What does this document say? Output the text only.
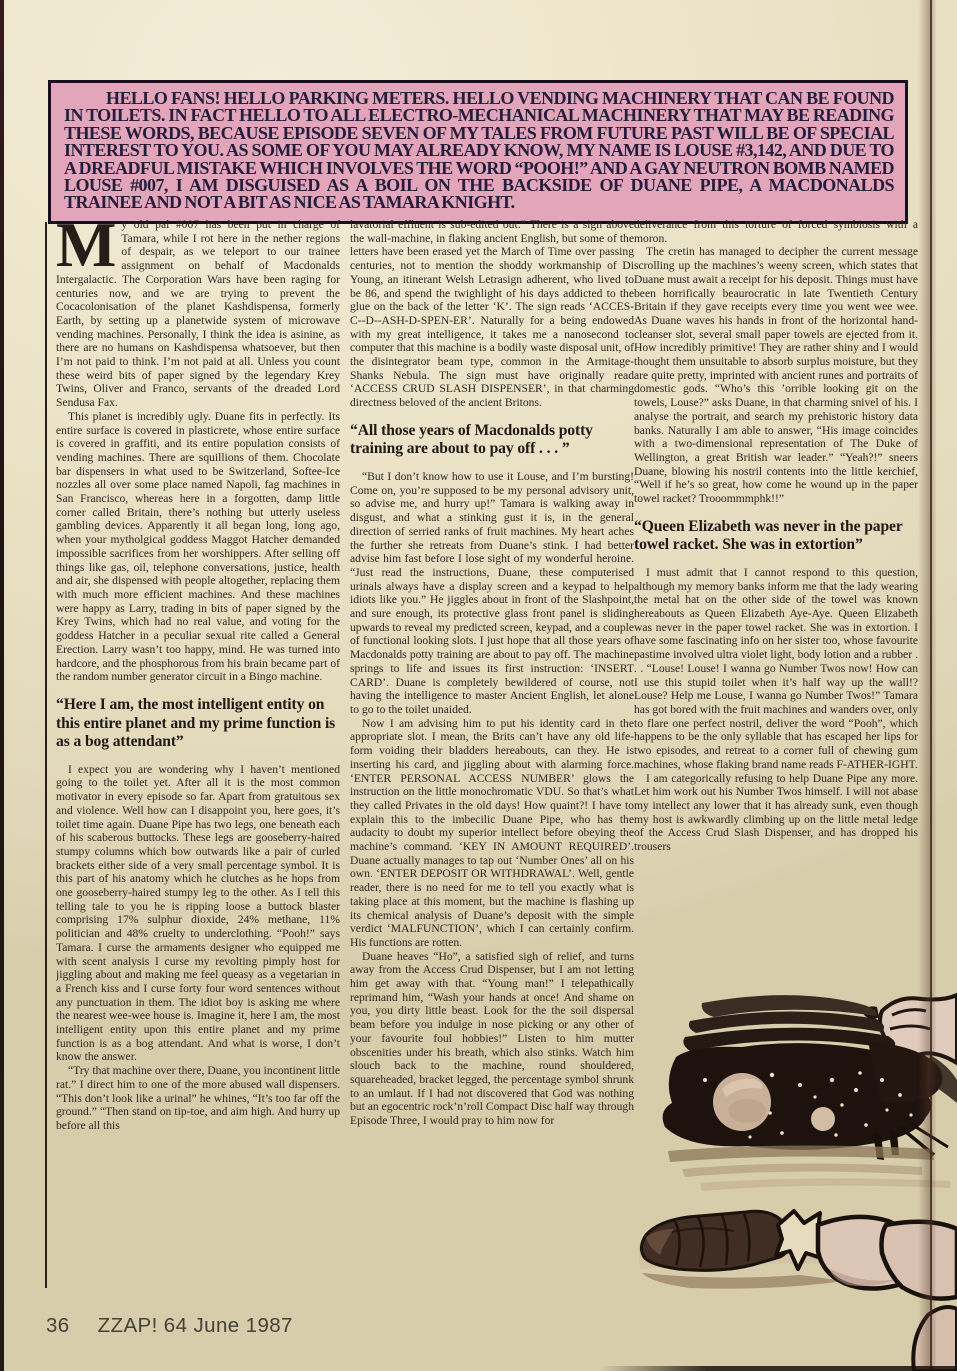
HELLO FANS! HELLO PARKING METERS. HELLO VENDING MACHINERY THAT CAN BE FOUND IN TOILETS. IN FACT HELLO TO ALL ELECTRO-MECHANICAL MACHINERY THAT MAY BE READING THESE WORDS, BECAUSE EPISODE SEVEN OF MY TALES FROM FUTURE PAST WILL BE OF SPECIAL INTEREST TO YOU. AS SOME OF YOU MAY ALREADY KNOW, MY NAME IS LOUSE #3,142, AND DUE TO A DREADFUL MISTAKE WHICH INVOLVES THE WORD “POOH!” AND A GAY NEUTRON BOMB NAMED LOUSE #007, I AM DISGUISED AS A BOIL ON THE BACKSIDE OF DUANE PIPE, A MACDONALDS TRAINEE AND NOT A BIT AS NICE AS TAMARA KNIGHT.

My old pal #007 has been put in charge of Tamara, while I rot here in the nether regions of despair, as we teleport to our trainee assignment on behalf of Macdonalds Intergalactic. The Corporation Wars have been raging for centuries now, and we are trying to prevent the Cocacolonisation of the planet Kashdispensa, formerly Earth, by setting up a planetwide system of microwave vending machines. Personally, I think the idea is asinine, as there are no humans on Kashdispensa whatsoever, but then I’m not paid to think. I’m not paid at all. Unless you count these weird bits of paper signed by the legendary Krey Twins, Oliver and Franco, servants of the dreaded Lord Sendusa Fax.

This planet is incredibly ugly. Duane fits in perfectly. Its entire surface is covered in plasticrete, whose entire surface is covered in graffiti, and its entire population consists of vending machines. There are squillions of them. Chocolate bar dispensers in what used to be Switzerland, Softee-Ice nozzles all over some place named Napoli, fag machines in San Francisco, whereas here in a forgotten, damp little corner called Britain, there’s nothing but utterly useless gambling devices. Apparently it all began long, long ago, when your mytholgical goddess Maggot Hatcher demanded impossible sacrifices from her worshippers. After selling off things like gas, oil, telephone conversations, justice, health and air, she dispensed with people altogether, replacing them with much more efficient machines. And these machines were happy as Larry, trading in bits of paper signed by the Krey Twins, which had no real value, and voting for the goddess Hatcher in a peculiar sexual rite called a General Erection. Larry wasn’t too happy, mind. He was turned into hardcore, and the phosphorous from his brain became part of the random number generator circuit in a Bingo machine.

“Here I am, the most intelligent entity on this entire planet and my prime function is as a bog attendant”

I expect you are wondering why I haven’t mentioned going to the toilet yet. After all it is the most common motivator in every episode so far. Apart from gratuitous sex and violence. Well how can I disappoint you, here goes, it’s toilet time again. Duane Pipe has two legs, one beneath each of his scaberous buttocks. These legs are gooseberry-haired stumpy columns which bow outwards like a pair of curled brackets either side of a very small percentage symbol. It is this part of his anatomy which he clutches as he hops from one gooseberry-haired stumpy leg to the other. As I tell this telling tale to you he is ripping loose a buttock blaster comprising 17% sulphur dioxide, 24% methane, 11% politician and 48% cruelty to underclothing. “Pooh!” says Tamara. I curse the armaments designer who equipped me with scent analysis I curse my revolting pimply host for jiggling about and making me feel queasy as a vegetarian in a French kiss and I curse forty four word sentences without any punctuation in them. The idiot boy is asking me where the nearest wee-wee house is. Imagine it, here I am, the most intelligent entity upon this entire planet and my prime function is as a bog attendant. And what is worse, I don’t know the answer.

“Try that machine over there, Duane, you incontinent little rat.” I direct him to one of the more abused wall dispensers. “This don’t look like a urinal” he whines, “It’s too far off the ground.” “Then stand on tip-toe, and aim high. And hurry up before all this

lavatorial effluent is sub-edited out.” There is a sign above the wall-machine, in flaking ancient English, but some of the letters have been erased yet the March of Time over passing centuries, not to mention the shoddy workmanship of Di Young, an itinerant Welsh Letrasign adherent, who lived to be 86, and spend the twighlight of his days addicted to the glue on the back of the letter ‘K’. The sign reads ‘ACCES-C--D--ASH-D-SPEN-ER’. Naturally for a being endowed with my great intelligence, it takes me a nanosecond to computer that this machine is a bodily waste disposal unit, of the disintegrator beam type, common in the Armitage-Shanks Nebula. The sign must have originally read ‘ACCESS CRUD SLASH DISPENSER’, in that charming directness beloved of the ancient Britons.

“All those years of Macdonalds potty training are about to pay off . . . ”

“But I don’t know how to use it Louse, and I’m bursting! Come on, you’re supposed to be my personal advisory unit, so advise me, and hurry up!” Tamara is walking away in disgust, and what a stinking gust it is, in the general direction of serried ranks of fruit machines. My heart aches the further she retreats from Duane’s stink. I had better advise him fast before I lose sight of my wonderful heroine. “Just read the instructions, Duane, these computerised urinals always have a display screen and a keypad to help idiots like you.” He jiggles about in front of the Slashpoint, and sure enough, its protective glass front panel is sliding upwards to reveal my predicted screen, keypad, and a couple of functional looking slots. I just hope that all those years of Macdonalds potty training are about to pay off. The machine springs to life and issues its first instruction: ‘INSERT CARD’. Duane is completely bewildered of course, not having the intelligence to master Ancient English, let alone to go to the toilet unaided.

Now I am advising him to put his identity card in the appropriate slot. I mean, the Brits can’t have any old life-form voiding their bladders hereabouts, can they. He is inserting his card, and jiggling about with alarming force. ‘ENTER PERSONAL ACCESS NUMBER’ glows the instruction on the little monochromatic VDU. So that’s what they called Privates in the old days! How quaint?! I have to explain this to the imbecilic Duane Pipe, who has the audacity to doubt my superior intellect before obeying the machine’s command. ‘KEY IN AMOUNT REQUIRED’. Duane actually manages to tap out ‘Number Ones’ all on his own. ‘ENTER DEPOSIT OR WITHDRAWAL’. Well, gentle reader, there is no need for me to tell you exactly what is taking place at this moment, but the machine is flashing up its chemical analysis of Duane’s deposit with the simple verdict ‘MALFUNCTION’, which I can certainly confirm. His functions are rotten.

Duane heaves “Ho”, a satisfied sigh of relief, and turns away from the Access Crud Dispenser, but I am not letting him get away with that. “Young man!” I telepathically reprimand him, “Wash your hands at once! And shame on you, you dirty little beast. Look for the the soil dispersal beam before you indulge in nose picking or any other of your favourite foul hobbies!” Listen to him mutter obscenities under his breath, which also stinks. Watch him slouch back to the machine, round shouldered, squareheaded, bracket legged, the percentage symbol shrunk to an umlaut. If I had not discovered that God was nothing but an egocentric rock’n’roll Compact Disc half way through Episode Three, I would pray to him now for

deliverance from this torture of forced symbiosis with a moron.

The cretin has managed to decipher the current message scrolling up the machines’s weeny screen, which states that Duane must await a receipt for his deposit. Things must have been horrifically beaurocratic in late Twentieth Century Britain if they gave receipts every time you went wee wee. As Duane waves his hands in front of the horizontal hand-cleanser slot, several small paper towels are ejected from it. How incredibly primitive! They are rather shiny and I would thought them unsuitable to absorb surplus moisture, but they are quite pretty, imprinted with ancient runes and portraits of domestic gods. “Who’s this ’orrible looking git on the towels, Louse?” asks Duane, in that charming snivel of his. I analyse the portrait, and search my prehistoric history data banks. Naturally I am able to answer, “His image coincides with a two-dimensional representation of The Duke of Wellington, a great British war leader.” “Yeah?!” sneers Duane, blowing his nostril contents into the little kerchief, “Well if he’s so great, how come he wound up in the paper towel racket? Trooommmphk!!”

“Queen Elizabeth was never in the paper towel racket. She was in extortion”

I must admit that I cannot respond to this question, although my memory banks inform me that the lady wearing the metal hat on the other side of the towel was known hereabouts as Queen Elizabeth Aye-Aye. Queen Elizabeth was never in the paper towel racket. She was in extortion. I have some fascinating info on her sister too, whose favourite pastime involved ultra violet light, body lotion and a rubber . . . “Louse! Louse! I wanna go Number Twos now! How can I use this stupid toilet when it’s half way up the wall!? Louse? Help me Louse, I wanna go Number Twos!” Tamara has got bored with the fruit machines and wanders over, only to flare one perfect nostril, deliver the word “Pooh”, which happens to be the only syllable that has escaped her lips for two episodes, and retreat to a corner full of chewing gum machines, whose flaking brand name reads F-ATHER-IGHT.

I am categorically refusing to help Duane Pipe any more. Let him work out his Number Twos himself. I will not abase my intellect any lower that it has already sunk, even though my host is awkwardly climbing up on the little metal ledge of the Access Crud Slash Dispenser, and has dropped his trousers

36 ZZAP! 64 June 1987
